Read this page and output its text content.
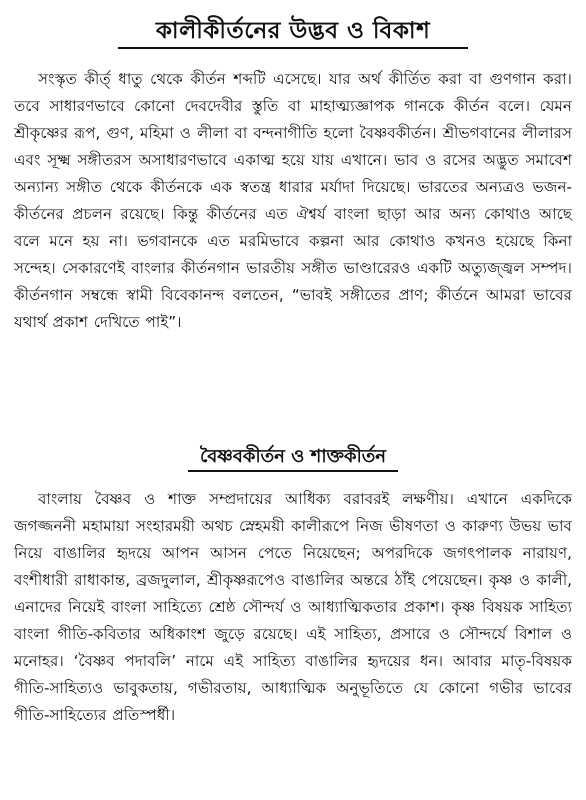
কালীকীর্তনের উদ্ভব ও বিকাশ

সংস্কৃত কীর্ত্ ধাতু থেকে কীর্তন শব্দটি এসেছে। যার অর্থ কীর্তিত করা বা গুণগান করা। তবে সাধারণভাবে কোনো দেবদেবীর স্তুতি বা মাহাত্ম্যজ্ঞাপক গানকে কীর্তন বলে। যেমন শ্রীকৃষ্ণের রূপ, গুণ, মহিমা ও লীলা বা বন্দনাগীতি হলো বৈষ্ণবকীর্তন। শ্রীভগবানের লীলারস এবং সূক্ষ্ম সঙ্গীতরস অসাধারণভাবে একাত্ম হয়ে যায় এখানে। ভাব ও রসের অদ্ভুত সমাবেশ অন্যান্য সঙ্গীত থেকে কীর্তনকে এক স্বতন্ত্র ধারার মর্যাদা দিয়েছে। ভারতের অন্যত্রও ভজন-কীর্তনের প্রচলন রয়েছে। কিন্তু কীর্তনের এত ঐশ্বর্য বাংলা ছাড়া আর অন্য কোথাও আছে বলে মনে হয় না। ভগবানকে এত মরমিভাবে কল্পনা আর কোথাও কখনও হয়েছে কিনা সন্দেহ। সেকারণেই বাংলার কীর্তনগান ভারতীয় সঙ্গীত ভাণ্ডারেরও একটি অত্যুজ্জ্বল সম্পদ। কীর্তনগান সম্বন্ধে স্বামী বিবেকানন্দ বলতেন, “ভাবই সঙ্গীতের প্রাণ; কীর্তনে আমরা ভাবের যথার্থ প্রকাশ দেখিতে পাই”।

বৈষ্ণবকীর্তন ও শাক্তকীর্তন

বাংলায় বৈষ্ণব ও শাক্ত সম্প্রদায়ের আধিক্য বরাবরই লক্ষণীয়। এখানে একদিকে জগজ্জননী মহামায়া সংহারময়ী অথচ স্নেহময়ী কালীরূপে নিজ ভীষণতা ও কারুণ্য উভয় ভাব নিয়ে বাঙালির হৃদয়ে আপন আসন পেতে নিয়েছেন; অপরদিকে জগৎপালক নারায়ণ, বংশীধারী রাধাকান্ত, ব্রজদুলাল, শ্রীকৃষ্ণরূপেও বাঙালির অন্তরে ঠাঁই পেয়েছেন। কৃষ্ণ ও কালী, এনাদের নিয়েই বাংলা সাহিত্যে শ্রেষ্ঠ সৌন্দর্য ও আধ্যাত্মিকতার প্রকাশ। কৃষ্ণ বিষয়ক সাহিত্য বাংলা গীতি-কবিতার অধিকাংশ জুড়ে রয়েছে। এই সাহিত্য, প্রসারে ও সৌন্দর্যে বিশাল ও মনোহর। ‘বৈষ্ণব পদাবলি’ নামে এই সাহিত্য বাঙালির হৃদয়ের ধন। আবার মাতৃ-বিষয়ক গীতি-সাহিত্যও ভাবুকতায়, গভীরতায়, আধ্যাত্মিক অনুভূতিতে যে কোনো গভীর ভাবের গীতি-সাহিত্যের প্রতিস্পর্ধী।
